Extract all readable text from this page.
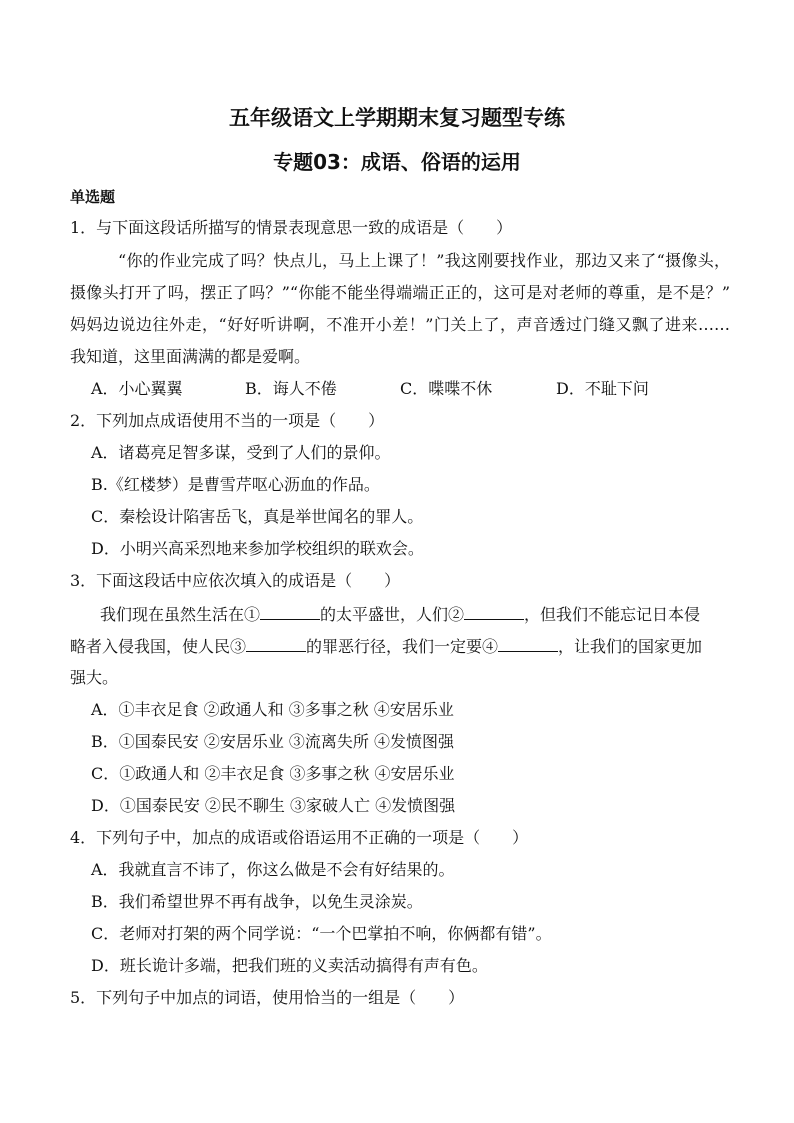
五年级语文上学期期末复习题型专练
专题03：成语、俗语的运用
单选题
1．与下面这段话所描写的情景表现意思一致的成语是（　　）
“你的作业完成了吗？快点儿，马上上课了！”我这刚要找作业，那边又来了“摄像头，
摄像头打开了吗，摆正了吗？”“你能不能坐得端端正正的，这可是对老师的尊重，是不是？”
妈妈边说边往外走，“好好听讲啊，不准开小差！”门关上了，声音透过门缝又飘了进来……
我知道，这里面满满的都是爱啊。
A．小心翼翼	B．诲人不倦	C．喋喋不休	D．不耻下问
2．下列加点成语使用不当的一项是（　　）
A．诸葛亮足智多谋，受到了人们的景仰。
B.《红楼梦）是曹雪芹呕心沥血的作品。
C．秦桧设计陷害岳飞，真是举世闻名的罪人。
D．小明兴高采烈地来参加学校组织的联欢会。
3．下面这段话中应依次填入的成语是（　　）
我们现在虽然生活在①	的太平盛世，人们②	，但我们不能忘记日本侵
略者入侵我国，使人民③	的罪恶行径，我们一定要④	，让我们的国家更加
强大。
A．①丰衣足食 ②政通人和 ③多事之秋 ④安居乐业
B．①国泰民安 ②安居乐业 ③流离失所 ④发愤图强
C．①政通人和 ②丰衣足食 ③多事之秋 ④安居乐业
D．①国泰民安 ②民不聊生 ③家破人亡 ④发愤图强
4．下列句子中，加点的成语或俗语运用不正确的一项是（　　）
A．我就直言不讳了，你这么做是不会有好结果的。
B．我们希望世界不再有战争，以免生灵涂炭。
C．老师对打架的两个同学说：“一个巴掌拍不响，你俩都有错”。
D．班长诡计多端，把我们班的义卖活动搞得有声有色。
5．下列句子中加点的词语，使用恰当的一组是（　　）
